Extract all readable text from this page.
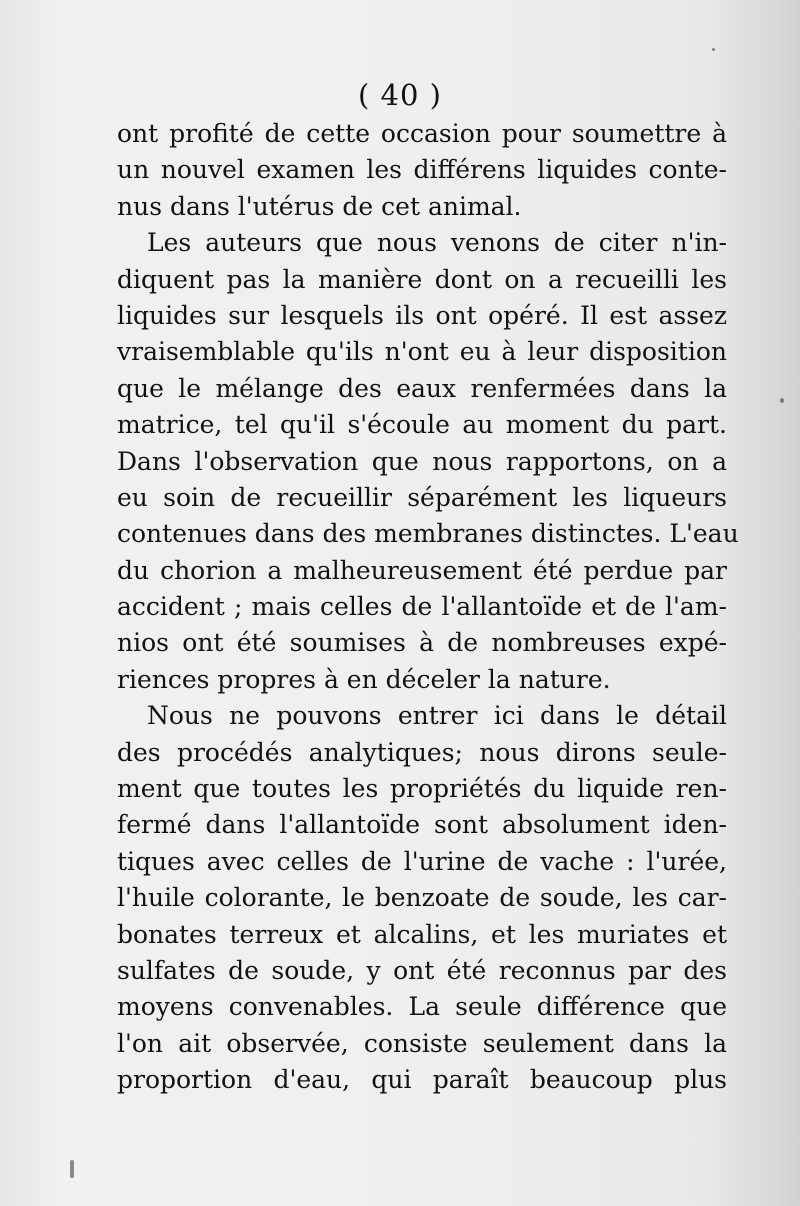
( 40 )
ont profité de cette occasion pour soumettre à
un nouvel examen les différens liquides conte-
nus dans l'utérus de cet animal.
Les auteurs que nous venons de citer n'in-
diquent pas la manière dont on a recueilli les
liquides sur lesquels ils ont opéré. Il est assez
vraisemblable qu'ils n'ont eu à leur disposition
que le mélange des eaux renfermées dans la
matrice, tel qu'il s'écoule au moment du part.
Dans l'observation que nous rapportons, on a
eu soin de recueillir séparément les liqueurs
contenues dans des membranes distinctes. L'eau
du chorion a malheureusement été perdue par
accident ; mais celles de l'allantoïde et de l'am-
nios ont été soumises à de nombreuses expé-
riences propres à en déceler la nature.
Nous ne pouvons entrer ici dans le détail
des procédés analytiques; nous dirons seule-
ment que toutes les propriétés du liquide ren-
fermé dans l'allantoïde sont absolument iden-
tiques avec celles de l'urine de vache : l'urée,
l'huile colorante, le benzoate de soude, les car-
bonates terreux et alcalins, et les muriates et
sulfates de soude, y ont été reconnus par des
moyens convenables. La seule différence que
l'on ait observée, consiste seulement dans la
proportion d'eau, qui paraît beaucoup plus
